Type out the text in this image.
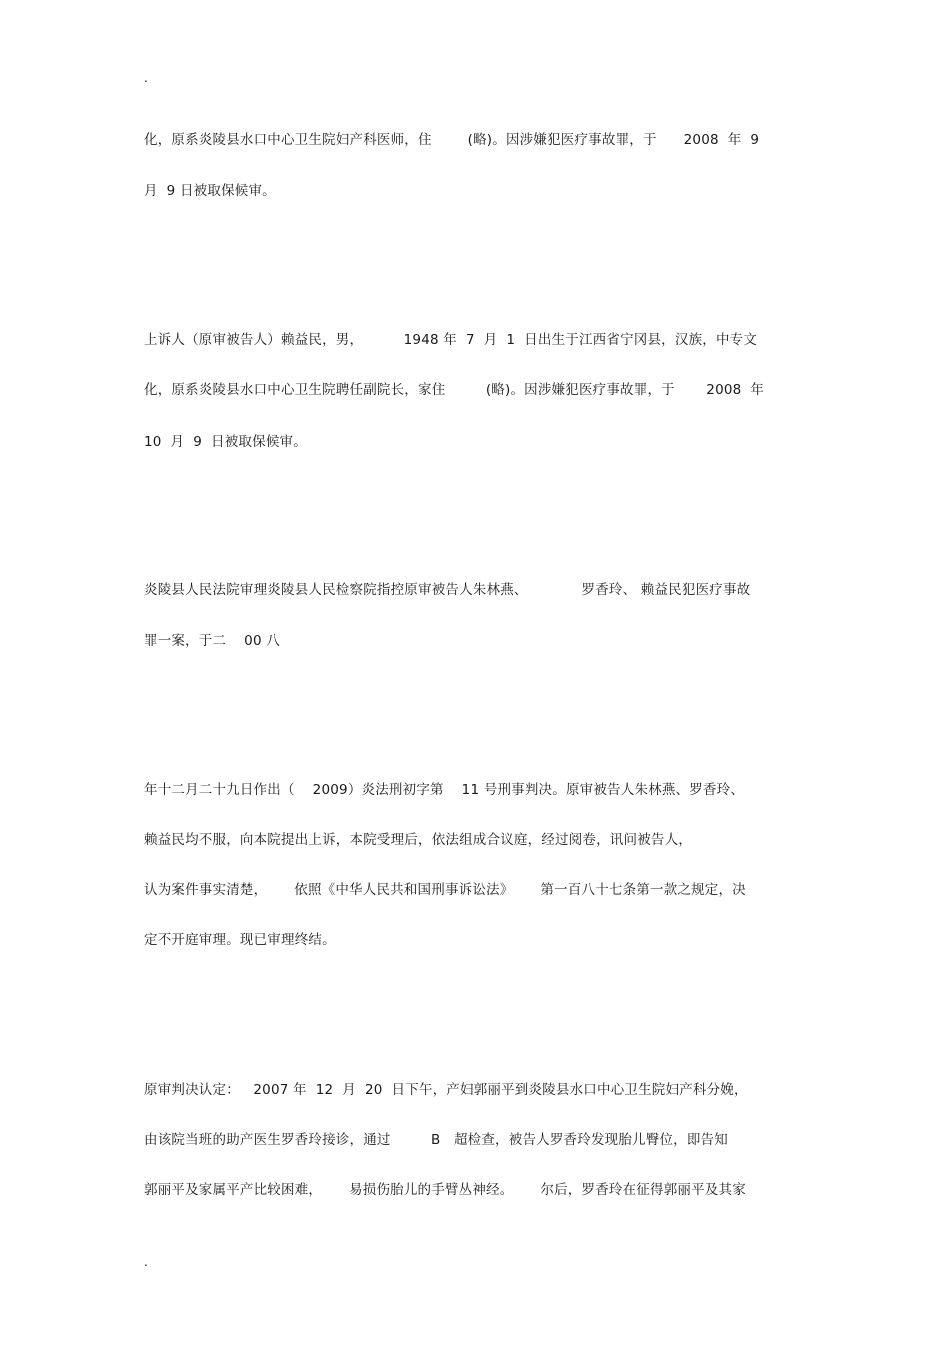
.
化，原系炎陵县水口中心卫生院妇产科医师，住        (略)。因涉嫌犯医疗事故罪，于      2008  年  9
月  9 日被取保候审。
上诉人（原审被告人）赖益民，男，         1948 年  7  月  1  日出生于江西省宁冈县，汉族，中专文
化，原系炎陵县水口中心卫生院聘任副院长，家住         (略)。因涉嫌犯医疗事故罪，于       2008  年
10  月  9  日被取保候审。
炎陵县人民法院审理炎陵县人民检察院指控原审被告人朱林燕、            罗香玲、 赖益民犯医疗事故
罪一案，于二    00 八
年十二月二十九日作出（    2009）炎法刑初字第    11 号刑事判决。原审被告人朱林燕、罗香玲、
赖益民均不服，向本院提出上诉，本院受理后，依法组成合议庭，经过阅卷，讯问被告人，
认为案件事实清楚，      依照《中华人民共和国刑事诉讼法》      第一百八十七条第一款之规定，决
定不开庭审理。现已审理终结。
原审判决认定：   2007 年  12  月  20  日下午，产妇郭丽平到炎陵县水口中心卫生院妇产科分娩，
由该院当班的助产医生罗香玲接诊，通过         B   超检查，被告人罗香玲发现胎儿臀位，即告知
郭丽平及家属平产比较困难，      易损伤胎儿的手臂丛神经。      尔后，罗香玲在征得郭丽平及其家
.
